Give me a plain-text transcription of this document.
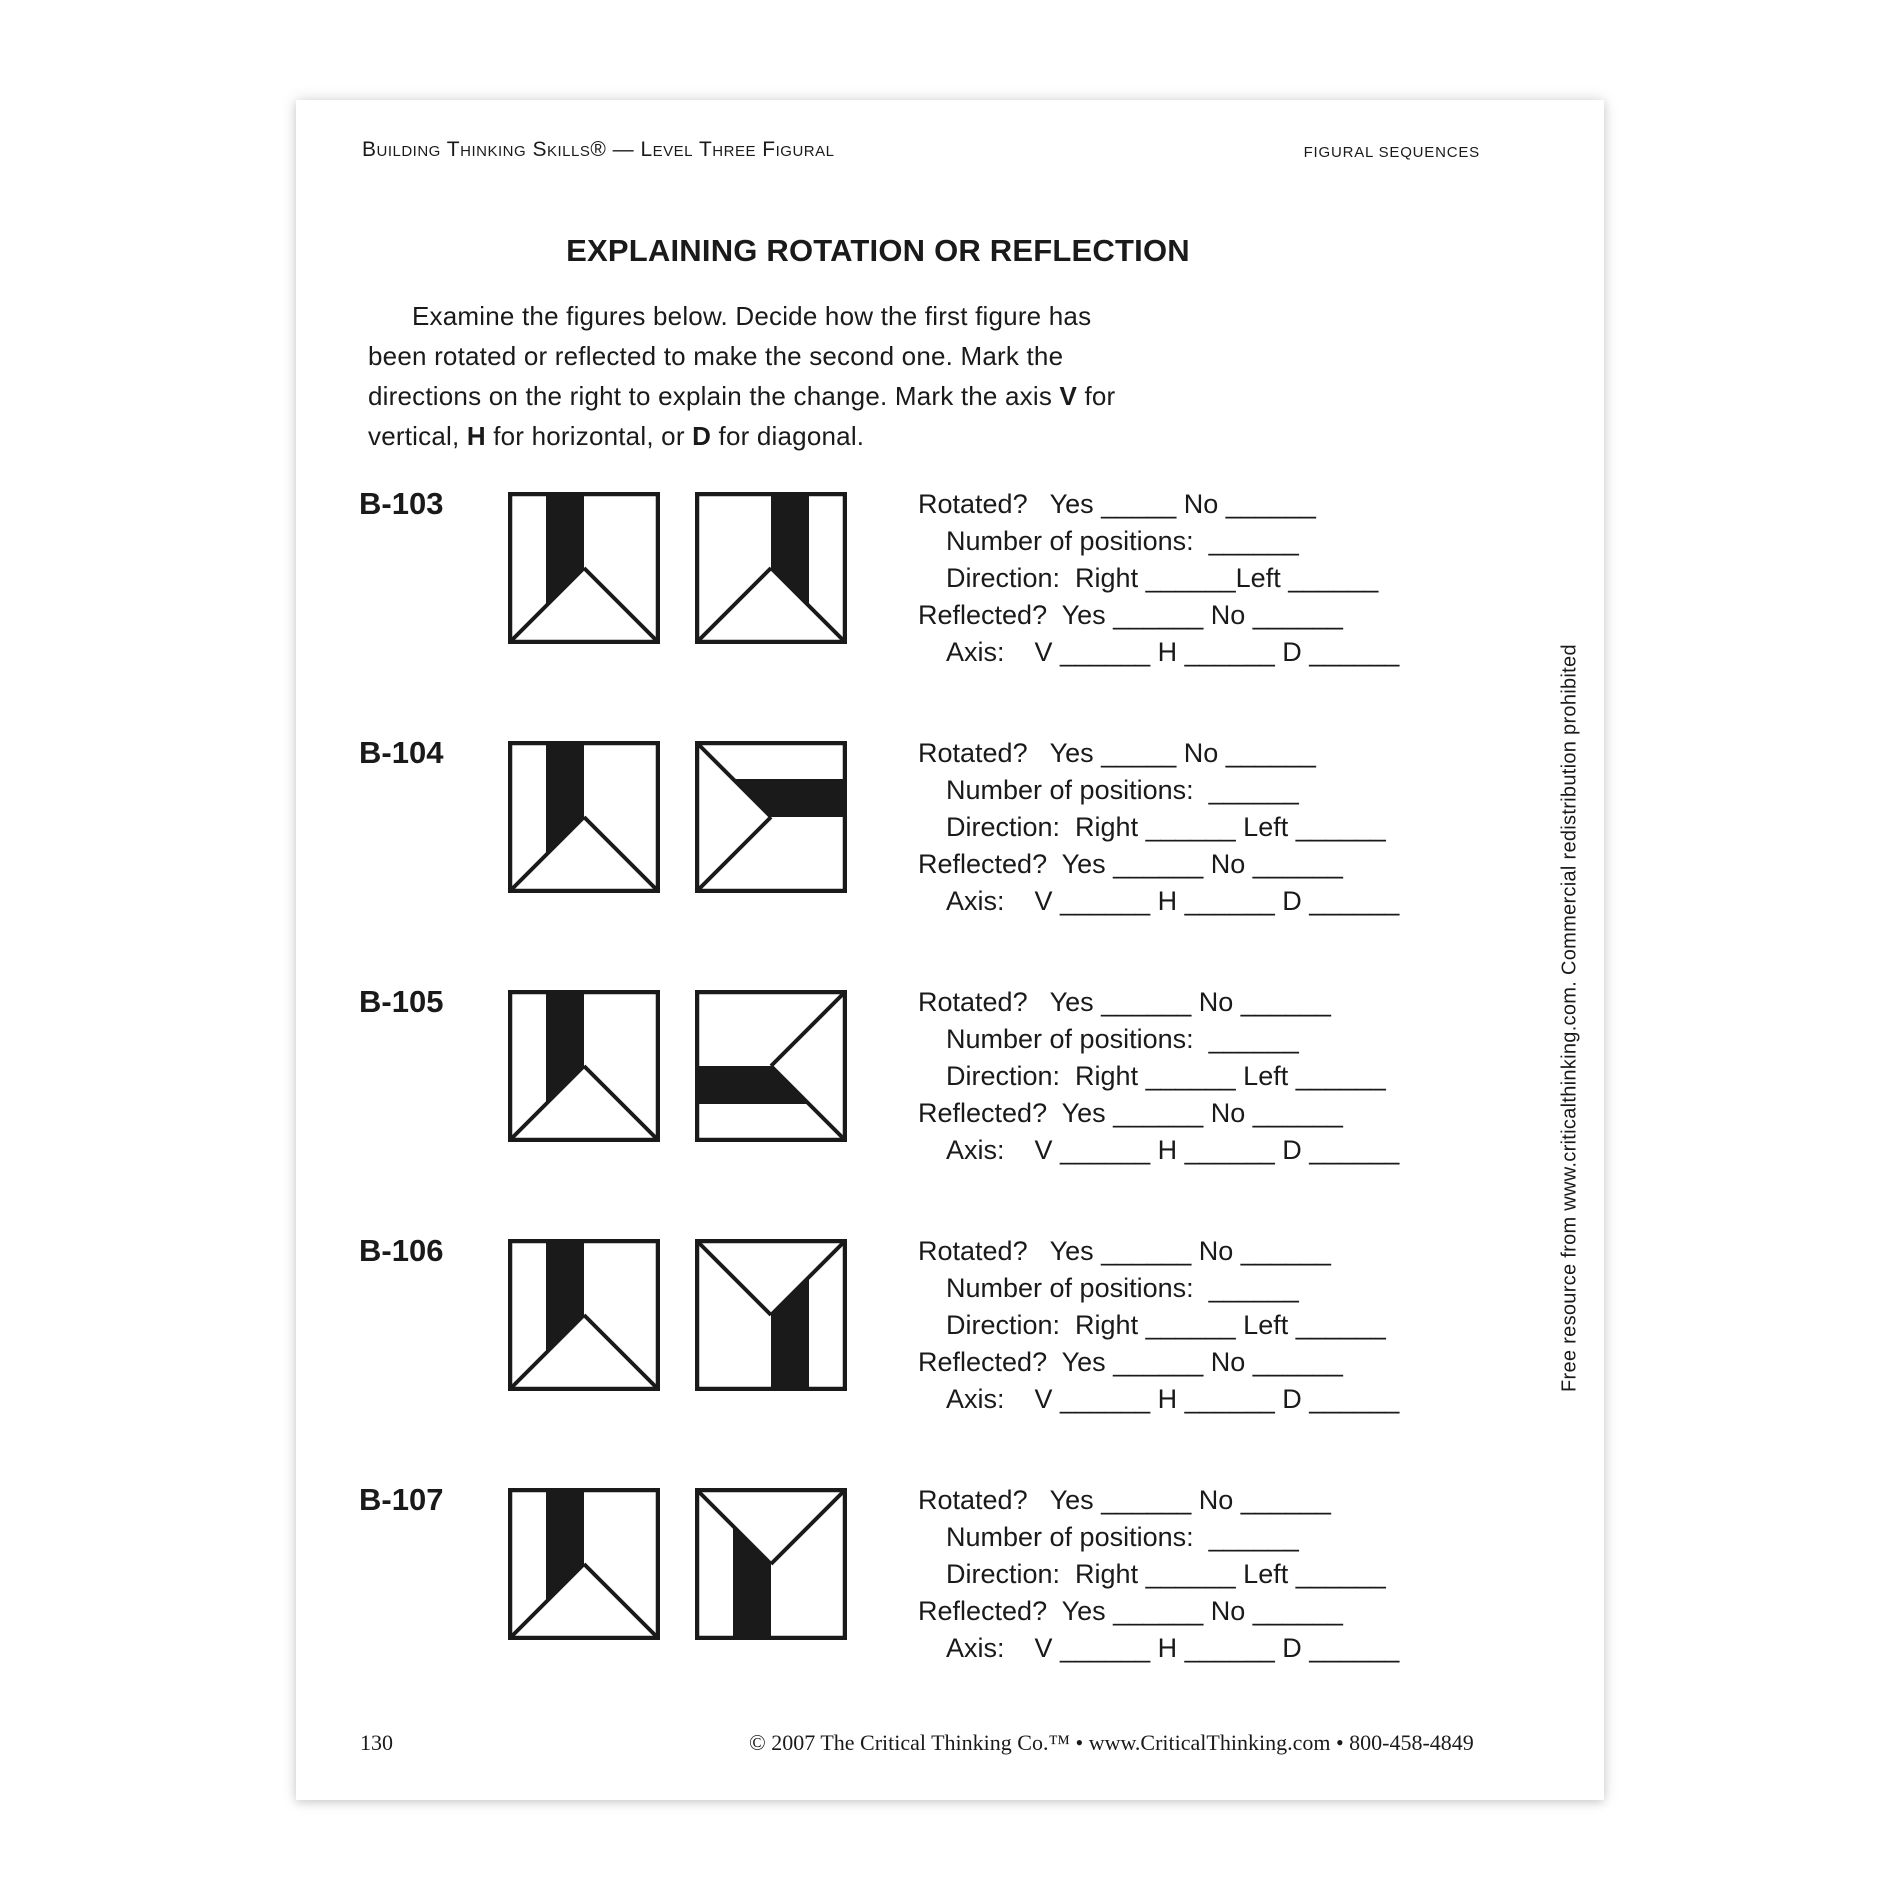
Building Thinking Skills® — Level Three Figural	FIGURAL SEQUENCES
EXPLAINING ROTATION OR REFLECTION
Examine the figures below. Decide how the first figure has
been rotated or reflected to make the second one. Mark the
directions on the right to explain the change. Mark the axis V for
vertical, H for horizontal, or D for diagonal.
B-103	Rotated?   Yes _____ No ______
Number of positions:  ______
Direction:  Right ______Left ______
Reflected?  Yes ______ No ______
Axis:    V ______ H ______ D ______
B-104	Rotated?   Yes _____ No ______
Number of positions:  ______
Direction:  Right ______ Left ______
Reflected?  Yes ______ No ______
Axis:    V ______ H ______ D ______
B-105	Rotated?   Yes ______ No ______
Number of positions:  ______
Direction:  Right ______ Left ______
Reflected?  Yes ______ No ______
Axis:    V ______ H ______ D ______
B-106	Rotated?   Yes ______ No ______
Number of positions:  ______
Direction:  Right ______ Left ______
Reflected?  Yes ______ No ______
Axis:    V ______ H ______ D ______
B-107	Rotated?   Yes ______ No ______
Number of positions:  ______
Direction:  Right ______ Left ______
Reflected?  Yes ______ No ______
Axis:    V ______ H ______ D ______
Free resource from www.criticalthinking.com. Commercial redistribution prohibited
130	© 2007 The Critical Thinking Co.™ • www.CriticalThinking.com • 800-458-4849
